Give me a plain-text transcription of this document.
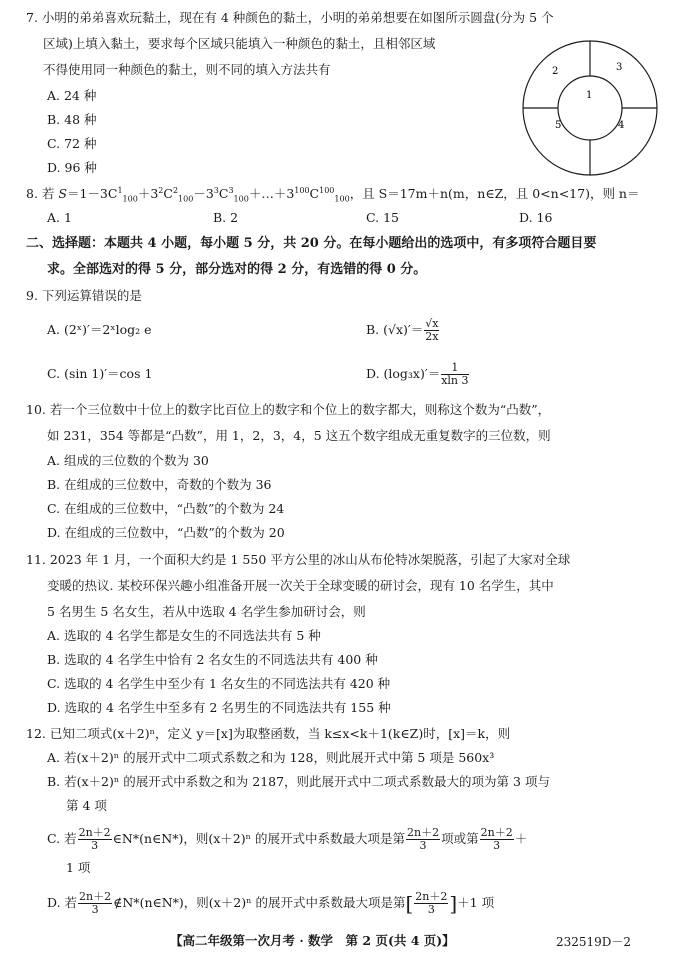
7. 小明的弟弟喜欢玩黏土，现在有 4 种颜色的黏土，小明的弟弟想要在如图所示圆盘(分为 5 个
区域)上填入黏土，要求每个区域只能填入一种颜色的黏土，且相邻区域
不得使用同一种颜色的黏土，则不同的填入方法共有
A. 24 种
B. 48 种
C. 72 种
D. 96 种
1
2	3
4
5
8. 若 $S=1-3C^1_{100}+3^2C^2_{100}-3^3C^3_{100}+\dots+3^{100}C^{100}_{100}$，且 S＝17m＋n(m，n∈Z，且 0<n<17)，则 n＝
A. 1	B. 2	C. 15	D. 16
二、选择题：本题共 4 小题，每小题 5 分，共 20 分。在每小题给出的选项中，有多项符合题目要
求。全部选对的得 5 分，部分选对的得 2 分，有选错的得 0 分。
9. 下列运算错误的是
A. (2ˣ)′＝2ˣlog₂ e	B. $(√x)'= \frac{√x}{2x}$
C. (sin 1)′＝cos 1	D. $(\log_3x)'= \frac{1}{xln 3}$
10. 若一个三位数中十位上的数字比百位上的数字和个位上的数字都大，则称这个数为“凸数”，
如 231，354 等都是“凸数”，用 1，2，3，4，5 这五个数字组成无重复数字的三位数，则
A. 组成的三位数的个数为 30
B. 在组成的三位数中，奇数的个数为 36
C. 在组成的三位数中，“凸数”的个数为 24
D. 在组成的三位数中，“凸数”的个数为 20
11. 2023 年 1 月，一个面积大约是 1 550 平方公里的冰山从布伦特冰架脱落，引起了大家对全球
变暖的热议. 某校环保兴趣小组准备开展一次关于全球变暖的研讨会，现有 10 名学生，其中
5 名男生 5 名女生，若从中选取 4 名学生参加研讨会，则
A. 选取的 4 名学生都是女生的不同选法共有 5 种
B. 选取的 4 名学生中恰有 2 名女生的不同选法共有 400 种
C. 选取的 4 名学生中至少有 1 名女生的不同选法共有 420 种
D. 选取的 4 名学生中至多有 2 名男生的不同选法共有 155 种
12. 已知二项式(x＋2)ⁿ，定义 y＝[x]为取整函数，当 k≤x<k＋1(k∈Z)时，[x]＝k，则
A. 若(x＋2)ⁿ 的展开式中二项式系数之和为 128，则此展开式中第 5 项是 560x³
B. 若(x＋2)ⁿ 的展开式中系数之和为 2187，则此展开式中二项式系数最大的项为第 3 项与
第 4 项
C. 若 $\frac{2n+2}{3}$ ∈N*(n∈N*)，则(x＋2)ⁿ 的展开式中系数最大项是第 $\frac{2n+2}{3}$ 项或第 $\frac{2n+2}{3}$ ＋
1 项
D. 若 $\frac{2n+2}{3}$ ∉N*(n∈N*)，则(x＋2)ⁿ 的展开式中系数最大项是第[ $\frac{2n+2}{3} ]+1$ 项
【高二年级第一次月考 · 数学　第 2 页(共 4 页)】	232519D－2
